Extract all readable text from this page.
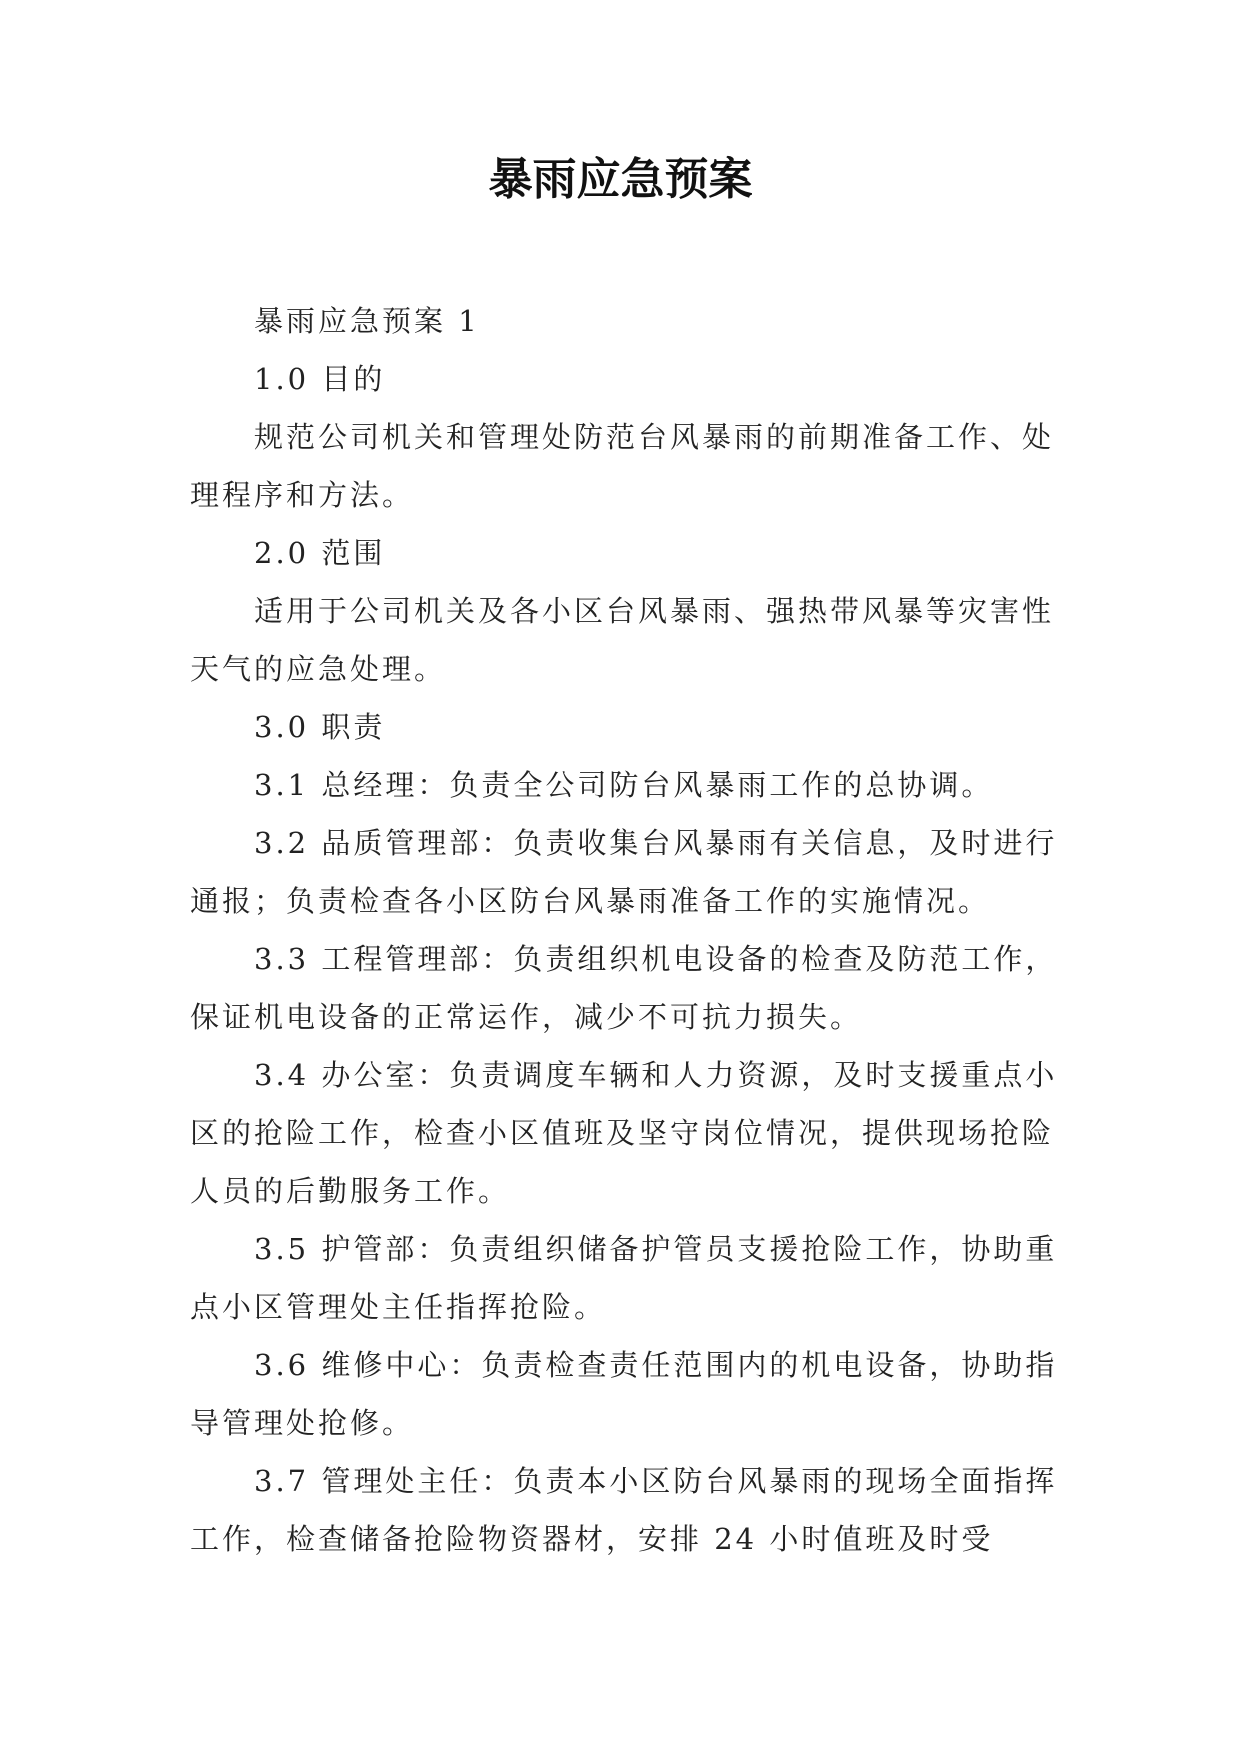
暴雨应急预案

暴雨应急预案 1

1.0 目的

规范公司机关和管理处防范台风暴雨的前期准备工作、处理程序和方法。

2.0 范围

适用于公司机关及各小区台风暴雨、强热带风暴等灾害性天气的应急处理。

3.0 职责

3.1 总经理：负责全公司防台风暴雨工作的总协调。

3.2 品质管理部：负责收集台风暴雨有关信息，及时进行通报；负责检查各小区防台风暴雨准备工作的实施情况。

3.3 工程管理部：负责组织机电设备的检查及防范工作，保证机电设备的正常运作，减少不可抗力损失。

3.4 办公室：负责调度车辆和人力资源，及时支援重点小区的抢险工作，检查小区值班及坚守岗位情况，提供现场抢险人员的后勤服务工作。

3.5 护管部：负责组织储备护管员支援抢险工作，协助重点小区管理处主任指挥抢险。

3.6 维修中心：负责检查责任范围内的机电设备，协助指导管理处抢修。

3.7 管理处主任：负责本小区防台风暴雨的现场全面指挥工作，检查储备抢险物资器材，安排 24 小时值班及时受
